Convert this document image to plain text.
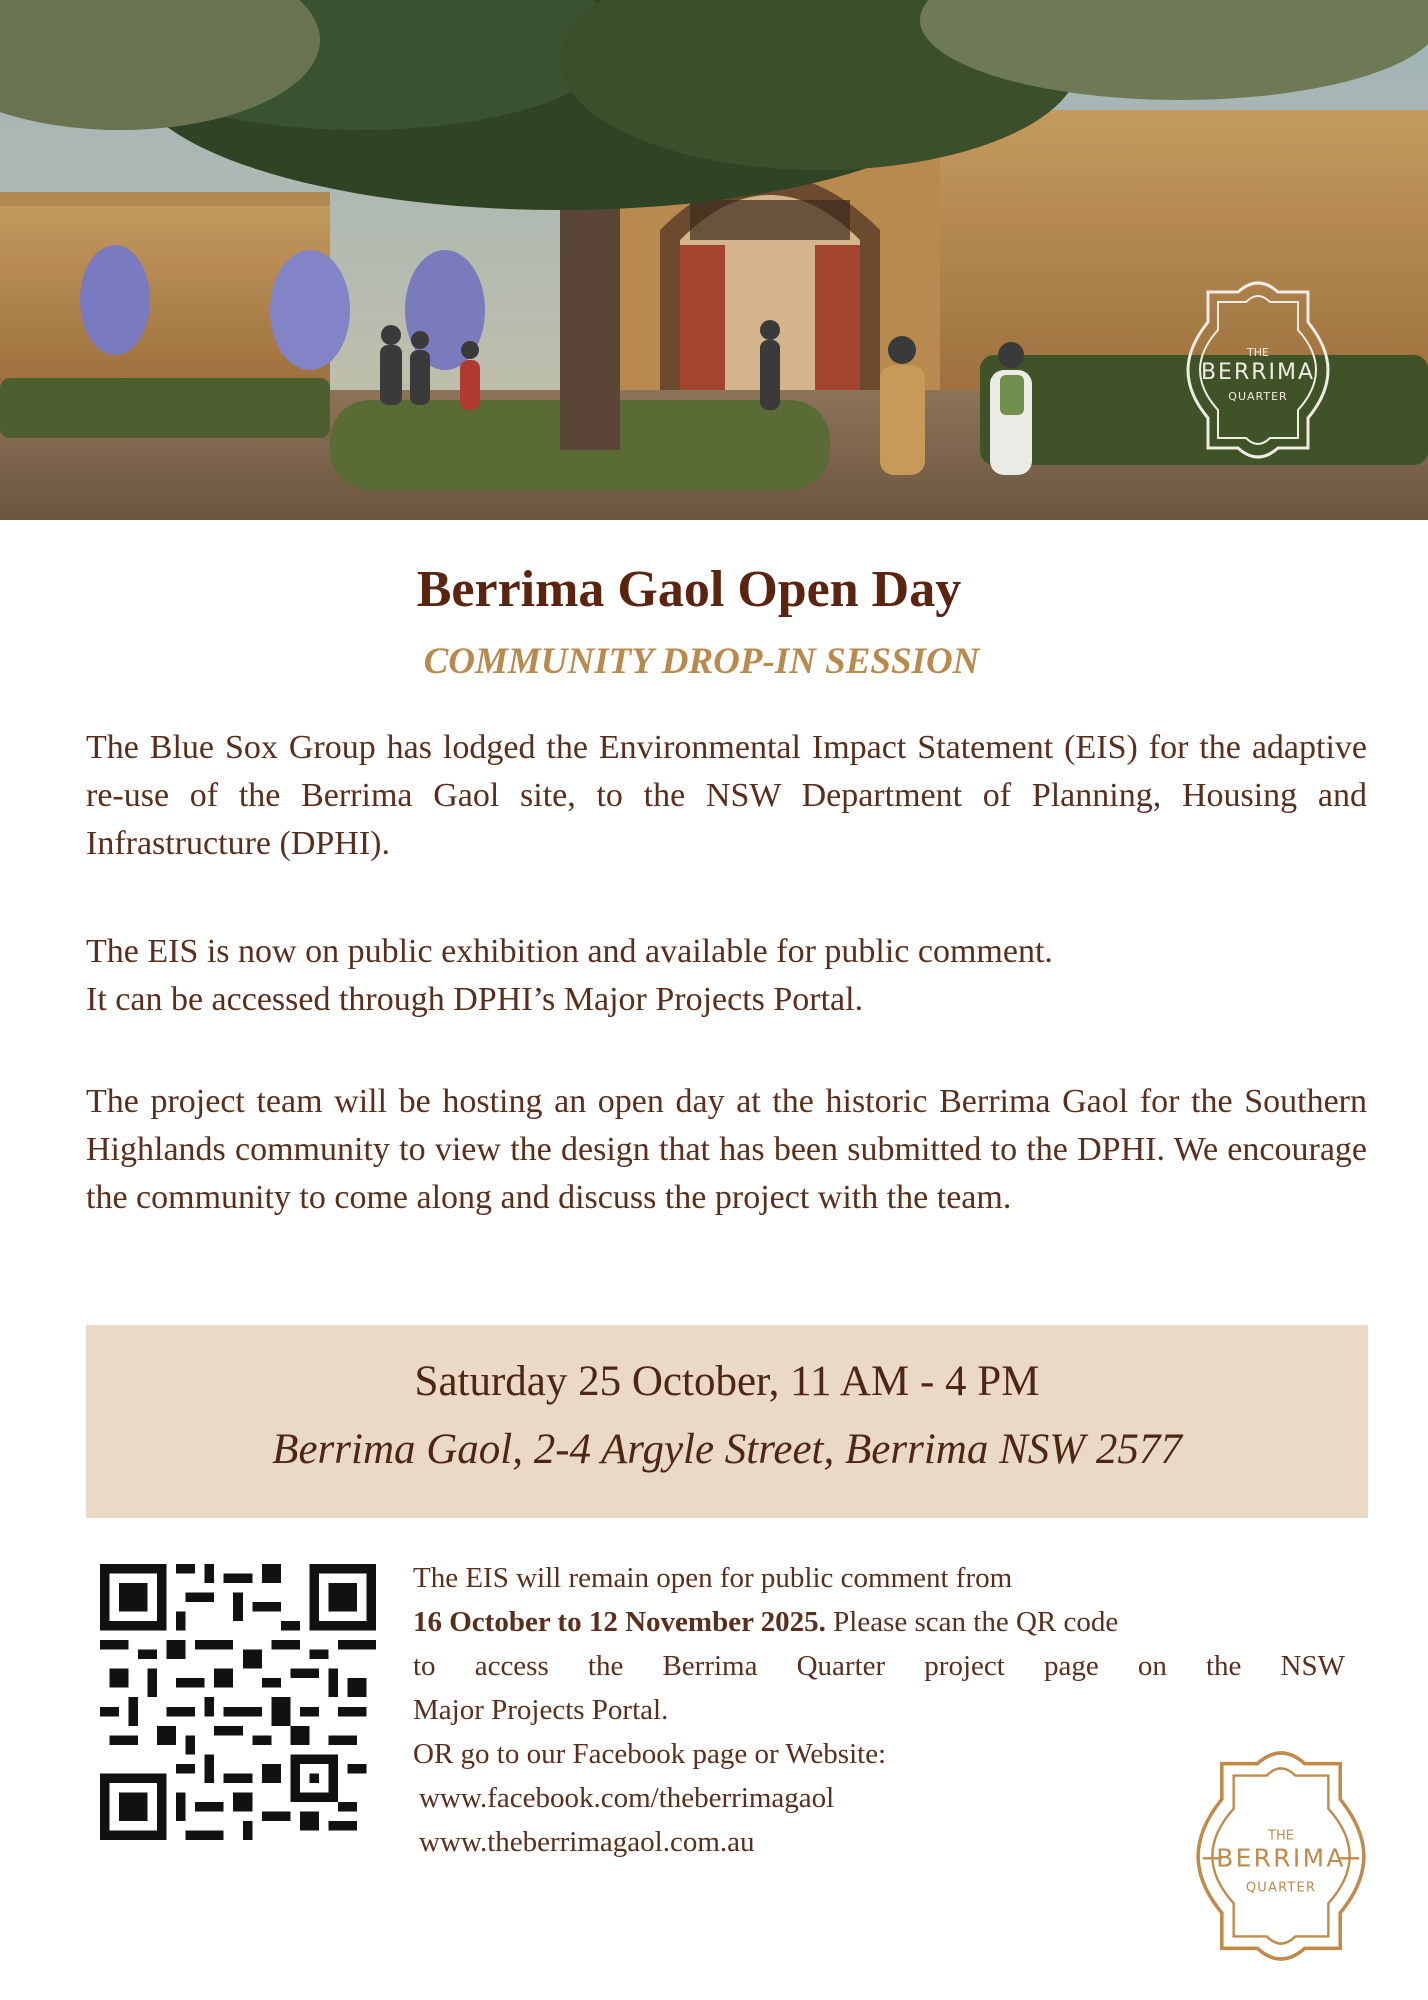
THE
BERRIMA
QUARTER
Berrima Gaol Open Day
COMMUNITY DROP-IN SESSION

The Blue Sox Group has lodged the Environmental Impact Statement (EIS) for the adaptive re-use of the Berrima Gaol site, to the NSW Department of Planning, Housing and Infrastructure (DPHI).

The EIS is now on public exhibition and available for public comment.
It can be accessed through DPHI’s Major Projects Portal.

The project team will be hosting an open day at the historic Berrima Gaol for the Southern Highlands community to view the design that has been submitted to the DPHI. We encourage the community to come along and discuss the project with the team.

Saturday 25 October, 11 AM - 4 PM
Berrima Gaol, 2-4 Argyle Street, Berrima NSW 2577
The EIS will remain open for public comment from
16 October to 12 November 2025. Please scan the QR code
to access the Berrima Quarter project page on the NSW
Major Projects Portal.
OR go to our Facebook page or Website:
www.facebook.com/theberrimagaol
www.theberrimagaol.com.au	THE
BERRIMA
QUARTER
